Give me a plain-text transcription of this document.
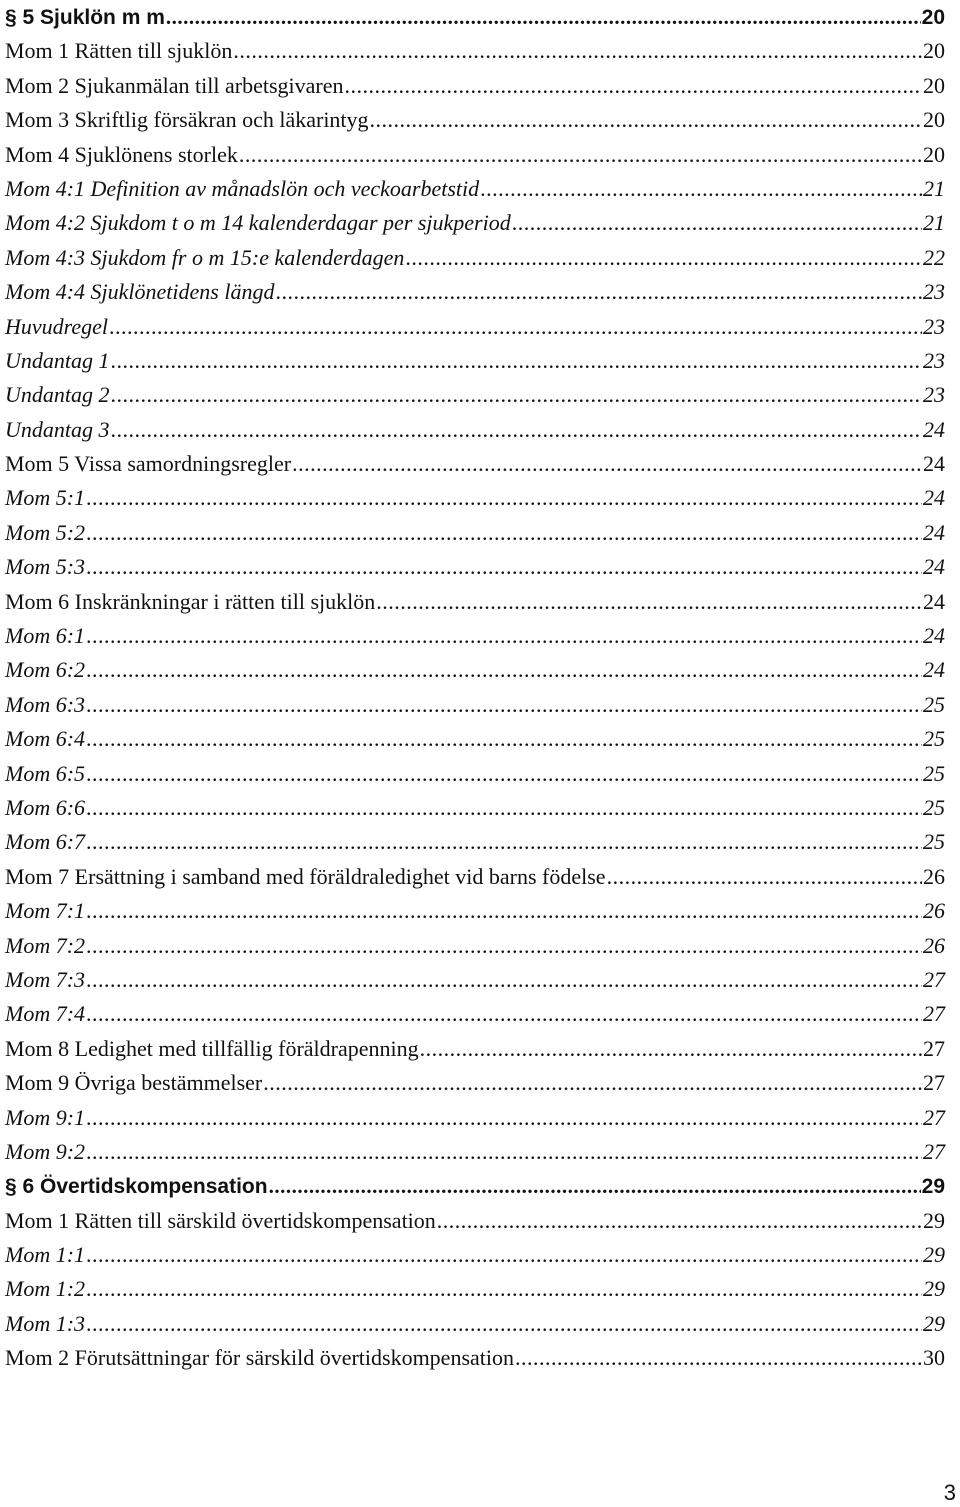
§ 5 Sjuklön m m .....	20
Mom 1 Rätten till sjuklön .....	20
Mom 2 Sjukanmälan till arbetsgivaren .....	20
Mom 3 Skriftlig försäkran och läkarintyg .....	20
Mom 4 Sjuklönens storlek .....	20
Mom 4:1 Definition av månadslön och veckoarbetstid .....	21
Mom 4:2 Sjukdom t o m 14 kalenderdagar per sjukperiod .....	21
Mom 4:3 Sjukdom fr o m 15:e kalenderdagen .....	22
Mom 4:4 Sjuklönetidens längd .....	23
Huvudregel .....	23
Undantag 1 .....	23
Undantag 2 .....	23
Undantag 3 .....	24
Mom 5 Vissa samordningsregler .....	24
Mom 5:1 .....	24
Mom 5:2 .....	24
Mom 5:3 .....	24
Mom 6 Inskränkningar i rätten till sjuklön .....	24
Mom 6:1 .....	24
Mom 6:2 .....	24
Mom 6:3 .....	25
Mom 6:4 .....	25
Mom 6:5 .....	25
Mom 6:6 .....	25
Mom 6:7 .....	25
Mom 7 Ersättning i samband med föräldraledighet vid barns födelse .....	26
Mom 7:1 .....	26
Mom 7:2 .....	26
Mom 7:3 .....	27
Mom 7:4 .....	27
Mom 8 Ledighet med tillfällig föräldrapenning .....	27
Mom 9 Övriga bestämmelser .....	27
Mom 9:1 .....	27
Mom 9:2 .....	27
§ 6 Övertidskompensation .....	29
Mom 1 Rätten till särskild övertidskompensation .....	29
Mom 1:1 .....	29
Mom 1:2 .....	29
Mom 1:3 .....	29
Mom 2 Förutsättningar för särskild övertidskompensation .....	30
3
